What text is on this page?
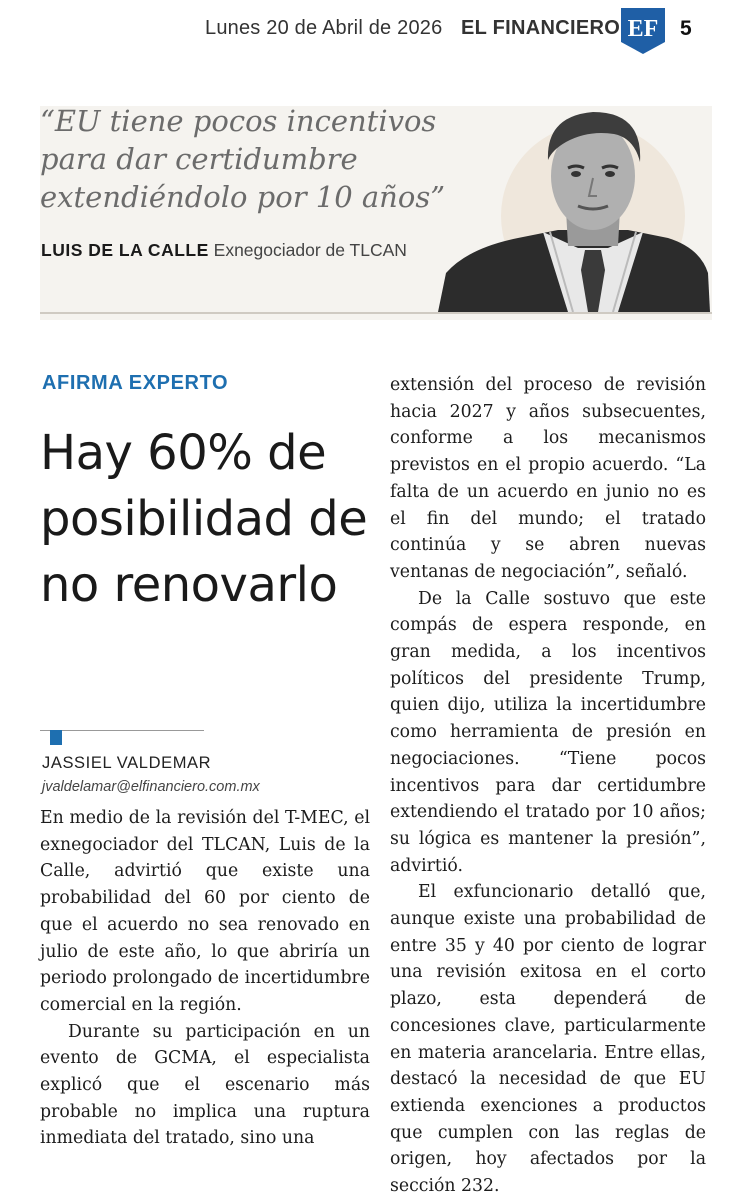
Lunes 20 de Abril de 2026 EL FINANCIERO EF 5

“EU tiene pocos incentivos para dar certidumbre extendiéndolo por 10 años”

LUIS DE LA CALLE Exnegociador de TLCAN
AFIRMA EXPERTO
Hay 60% de posibilidad de no renovarlo
JASSIEL VALDEMAR
jvaldelamar@elfinanciero.com.mx

En medio de la revisión del T-MEC, el exnegociador del TLCAN, Luis de la Calle, advirtió que existe una probabilidad del 60 por ciento de que el acuerdo no sea renovado en julio de este año, lo que abriría un periodo prolongado de incertidumbre comercial en la región.

Durante su participación en un evento de GCMA, el especialista explicó que el escenario más probable no implica una ruptura inmediata del tratado, sino una

extensión del proceso de revisión hacia 2027 y años subsecuentes, conforme a los mecanismos previstos en el propio acuerdo. “La falta de un acuerdo en junio no es el fin del mundo; el tratado continúa y se abren nuevas ventanas de negociación”, señaló.

De la Calle sostuvo que este compás de espera responde, en gran medida, a los incentivos políticos del presidente Trump, quien dijo, utiliza la incertidumbre como herramienta de presión en negociaciones. “Tiene pocos incentivos para dar certidumbre extendiendo el tratado por 10 años; su lógica es mantener la presión”, advirtió.

El exfuncionario detalló que, aunque existe una probabilidad de entre 35 y 40 por ciento de lograr una revisión exitosa en el corto plazo, esta dependerá de concesiones clave, particularmente en materia arancelaria. Entre ellas, destacó la necesidad de que EU extienda exenciones a productos que cumplen con las reglas de origen, hoy afectados por la sección 232.
